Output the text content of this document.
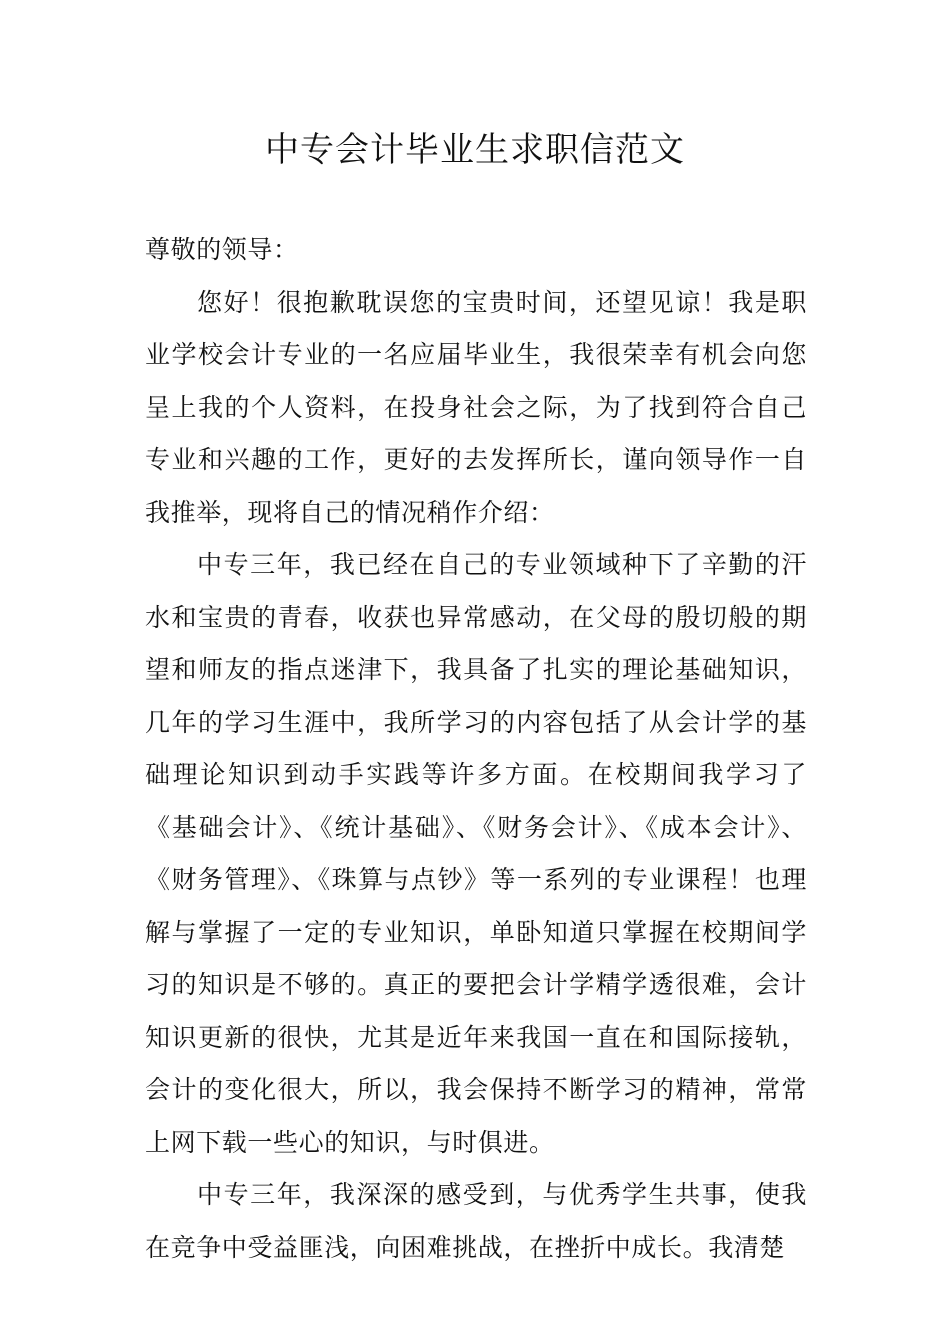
中专会计毕业生求职信范文

尊敬的领导：

您好！很抱歉耽误您的宝贵时间，还望见谅！我是职业学校会计专业的一名应届毕业生，我很荣幸有机会向您呈上我的个人资料，在投身社会之际，为了找到符合自己专业和兴趣的工作，更好的去发挥所长，谨向领导作一自我推举，现将自己的情况稍作介绍：

中专三年，我已经在自己的专业领域种下了辛勤的汗水和宝贵的青春，收获也异常感动，在父母的殷切般的期望和师友的指点迷津下，我具备了扎实的理论基础知识，几年的学习生涯中，我所学习的内容包括了从会计学的基础理论知识到动手实践等许多方面。在校期间我学习了《基础会计》、《统计基础》、《财务会计》、《成本会计》、《财务管理》、《珠算与点钞》等一系列的专业课程！也理解与掌握了一定的专业知识，单卧知道只掌握在校期间学习的知识是不够的。真正的要把会计学精学透很难，会计知识更新的很快，尤其是近年来我国一直在和国际接轨，会计的变化很大，所以，我会保持不断学习的精神，常常上网下载一些心的知识，与时俱进。

中专三年，我深深的感受到，与优秀学生共事，使我在竞争中受益匪浅，向困难挑战，在挫折中成长。我清楚
